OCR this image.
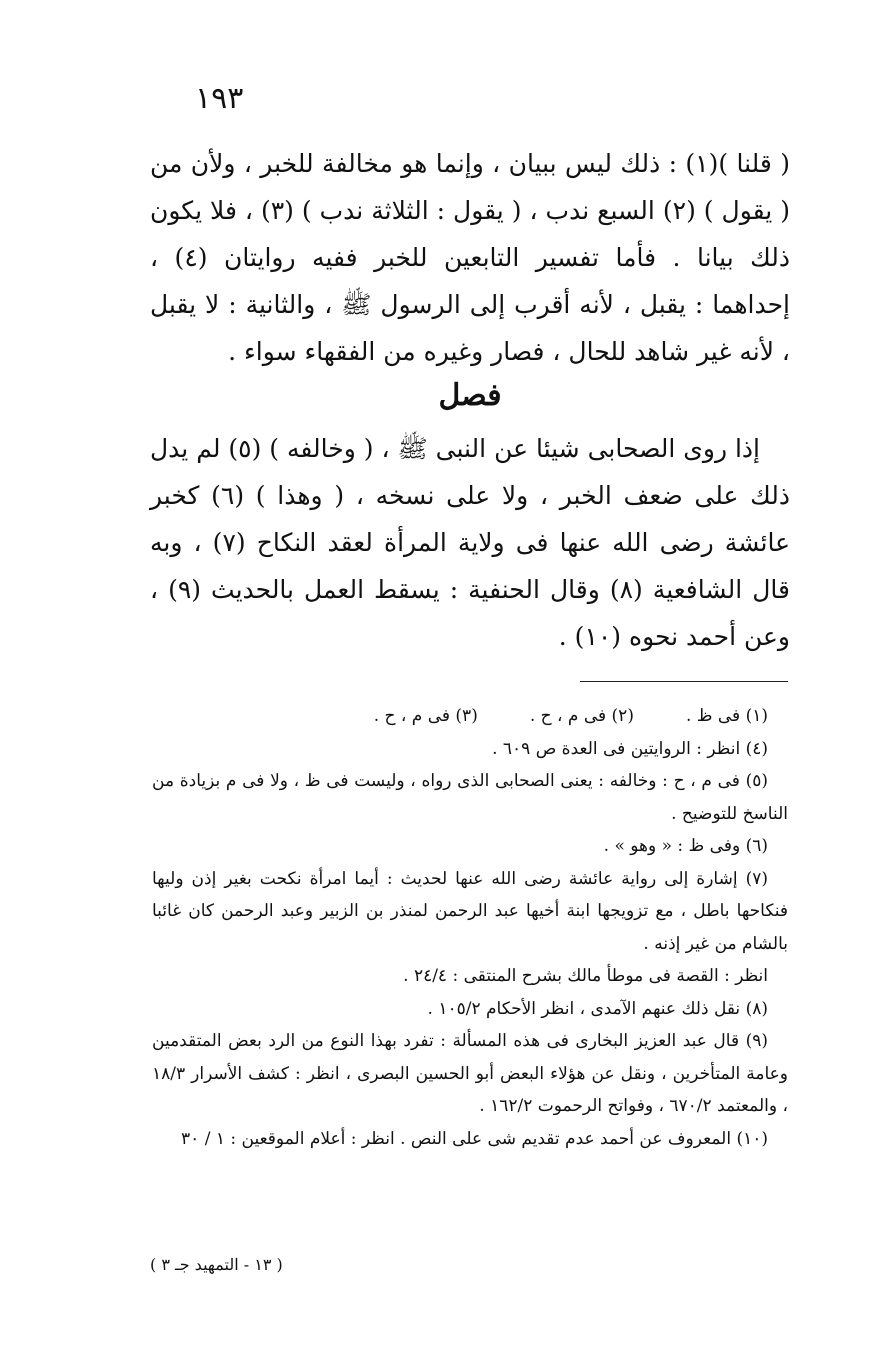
١٩٣

( قلنا )(١) : ذلك ليس ببيان ، وإنما هو مخالفة للخبر ، ولأن من ( يقول ) (٢) السبع ندب ، ( يقول : الثلاثة ندب ) (٣) ، فلا يكون ذلك بيانا . فأما تفسير التابعين للخبر ففيه روايتان (٤) ، إحداهما : يقبل ، لأنه أقرب إلى الرسول ﷺ ، والثانية : لا يقبل ، لأنه غير شاهد للحال ، فصار وغيره من الفقهاء سواء .

فصل

إذا روى الصحابى شيئا عن النبى ﷺ ، ( وخالفه ) (٥) لم يدل ذلك على ضعف الخبر ، ولا على نسخه ، ( وهذا ) (٦) كخبر عائشة رضى الله عنها فى ولاية المرأة لعقد النكاح (٧) ، وبه قال الشافعية (٨) وقال الحنفية : يسقط العمل بالحديث (٩) ، وعن أحمد نحوه (١٠) .

(١) فى ظ .
(٢) فى م ، ح .
(٣) فى م ، ح .

(٤) انظر : الروايتين فى العدة ص ٦٠٩ .

(٥) فى م ، ح : وخالفه : يعنى الصحابى الذى رواه ، وليست فى ظ ، ولا فى م بزيادة من الناسخ للتوضيح .

(٦) وفى ظ : « وهو » .

(٧) إشارة إلى رواية عائشة رضى الله عنها لحديث : أيما امرأة نكحت بغير إذن وليها فنكاحها باطل ، مع تزويجها ابنة أخيها عبد الرحمن لمنذر بن الزبير وعبد الرحمن كان غائبا بالشام من غير إذنه .

انظر : القصة فى موطأ مالك بشرح المنتقى : ٢٤/٤ .

(٨) نقل ذلك عنهم الآمدى ، انظر الأحكام ١٠٥/٢ .

(٩) قال عبد العزيز البخارى فى هذه المسألة : تفرد بهذا النوع من الرد بعض المتقدمين وعامة المتأخرين ، ونقل عن هؤلاء البعض أبو الحسين البصرى ، انظر : كشف الأسرار ١٨/٣ ، والمعتمد ٦٧٠/٢ ، وفواتح الرحموت ١٦٢/٢ .

(١٠) المعروف عن أحمد عدم تقديم شى على النص . انظر : أعلام الموقعين : ١ / ٣٠

( ١٣ - التمهيد جـ ٣ )
